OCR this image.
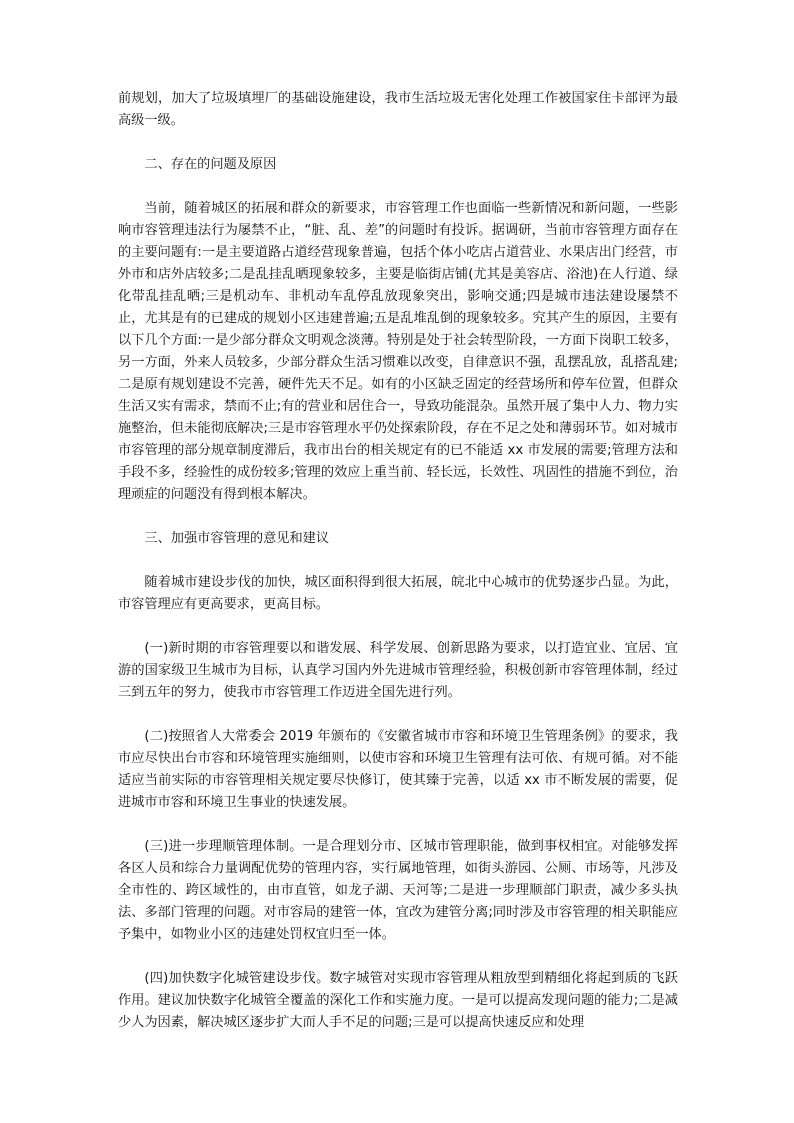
前规划，加大了垃圾填埋厂的基础设施建设，我市生活垃圾无害化处理工作被国家住卡部评为最高级一级。

二、存在的问题及原因

当前，随着城区的拓展和群众的新要求，市容管理工作也面临一些新情况和新问题，一些影响市容管理违法行为屡禁不止，“脏、乱、差”的问题时有投诉。据调研，当前市容管理方面存在的主要问题有:一是主要道路占道经营现象普遍，包括个体小吃店占道营业、水果店出门经营，市外市和店外店较多;二是乱挂乱晒现象较多，主要是临街店铺(尤其是美容店、浴池)在人行道、绿化带乱挂乱晒;三是机动车、非机动车乱停乱放现象突出，影响交通;四是城市违法建设屡禁不止，尤其是有的已建成的规划小区违建普遍;五是乱堆乱倒的现象较多。究其产生的原因，主要有以下几个方面:一是少部分群众文明观念淡薄。特别是处于社会转型阶段，一方面下岗职工较多，另一方面，外来人员较多，少部分群众生活习惯难以改变，自律意识不强，乱摆乱放，乱搭乱建;二是原有规划建设不完善，硬件先天不足。如有的小区缺乏固定的经营场所和停车位置，但群众生活又实有需求，禁而不止;有的营业和居住合一，导致功能混杂。虽然开展了集中人力、物力实施整治，但未能彻底解决;三是市容管理水平仍处探索阶段，存在不足之处和薄弱环节。如对城市市容管理的部分规章制度滞后，我市出台的相关规定有的已不能适 xx 市发展的需要;管理方法和手段不多，经验性的成份较多;管理的效应上重当前、轻长远，长效性、巩固性的措施不到位，治理顽症的问题没有得到根本解决。

三、加强市容管理的意见和建议

随着城市建设步伐的加快，城区面积得到很大拓展，皖北中心城市的优势逐步凸显。为此，市容管理应有更高要求，更高目标。

(一)新时期的市容管理要以和谐发展、科学发展、创新思路为要求，以打造宜业、宜居、宜游的国家级卫生城市为目标，认真学习国内外先进城市管理经验，积极创新市容管理体制，经过三到五年的努力，使我市市容管理工作迈进全国先进行列。

(二)按照省人大常委会 2019 年颁布的《安徽省城市市容和环境卫生管理条例》的要求，我市应尽快出台市容和环境管理实施细则，以使市容和环境卫生管理有法可依、有规可循。对不能适应当前实际的市容管理相关规定要尽快修订，使其臻于完善，以适 xx 市不断发展的需要，促进城市市容和环境卫生事业的快速发展。

(三)进一步理顺管理体制。一是合理划分市、区城市管理职能，做到事权相宜。对能够发挥各区人员和综合力量调配优势的管理内容，实行属地管理，如街头游园、公厕、市场等，凡涉及全市性的、跨区域性的，由市直管，如龙子湖、天河等;二是进一步理顺部门职责，减少多头执法、多部门管理的问题。对市容局的建管一体，宜改为建管分离;同时涉及市容管理的相关职能应予集中，如物业小区的违建处罚权宜归至一体。

(四)加快数字化城管建设步伐。数字城管对实现市容管理从粗放型到精细化将起到质的飞跃作用。建议加快数字化城管全覆盖的深化工作和实施力度。一是可以提高发现问题的能力;二是减少人为因素，解决城区逐步扩大而人手不足的问题;三是可以提高快速反应和处理
